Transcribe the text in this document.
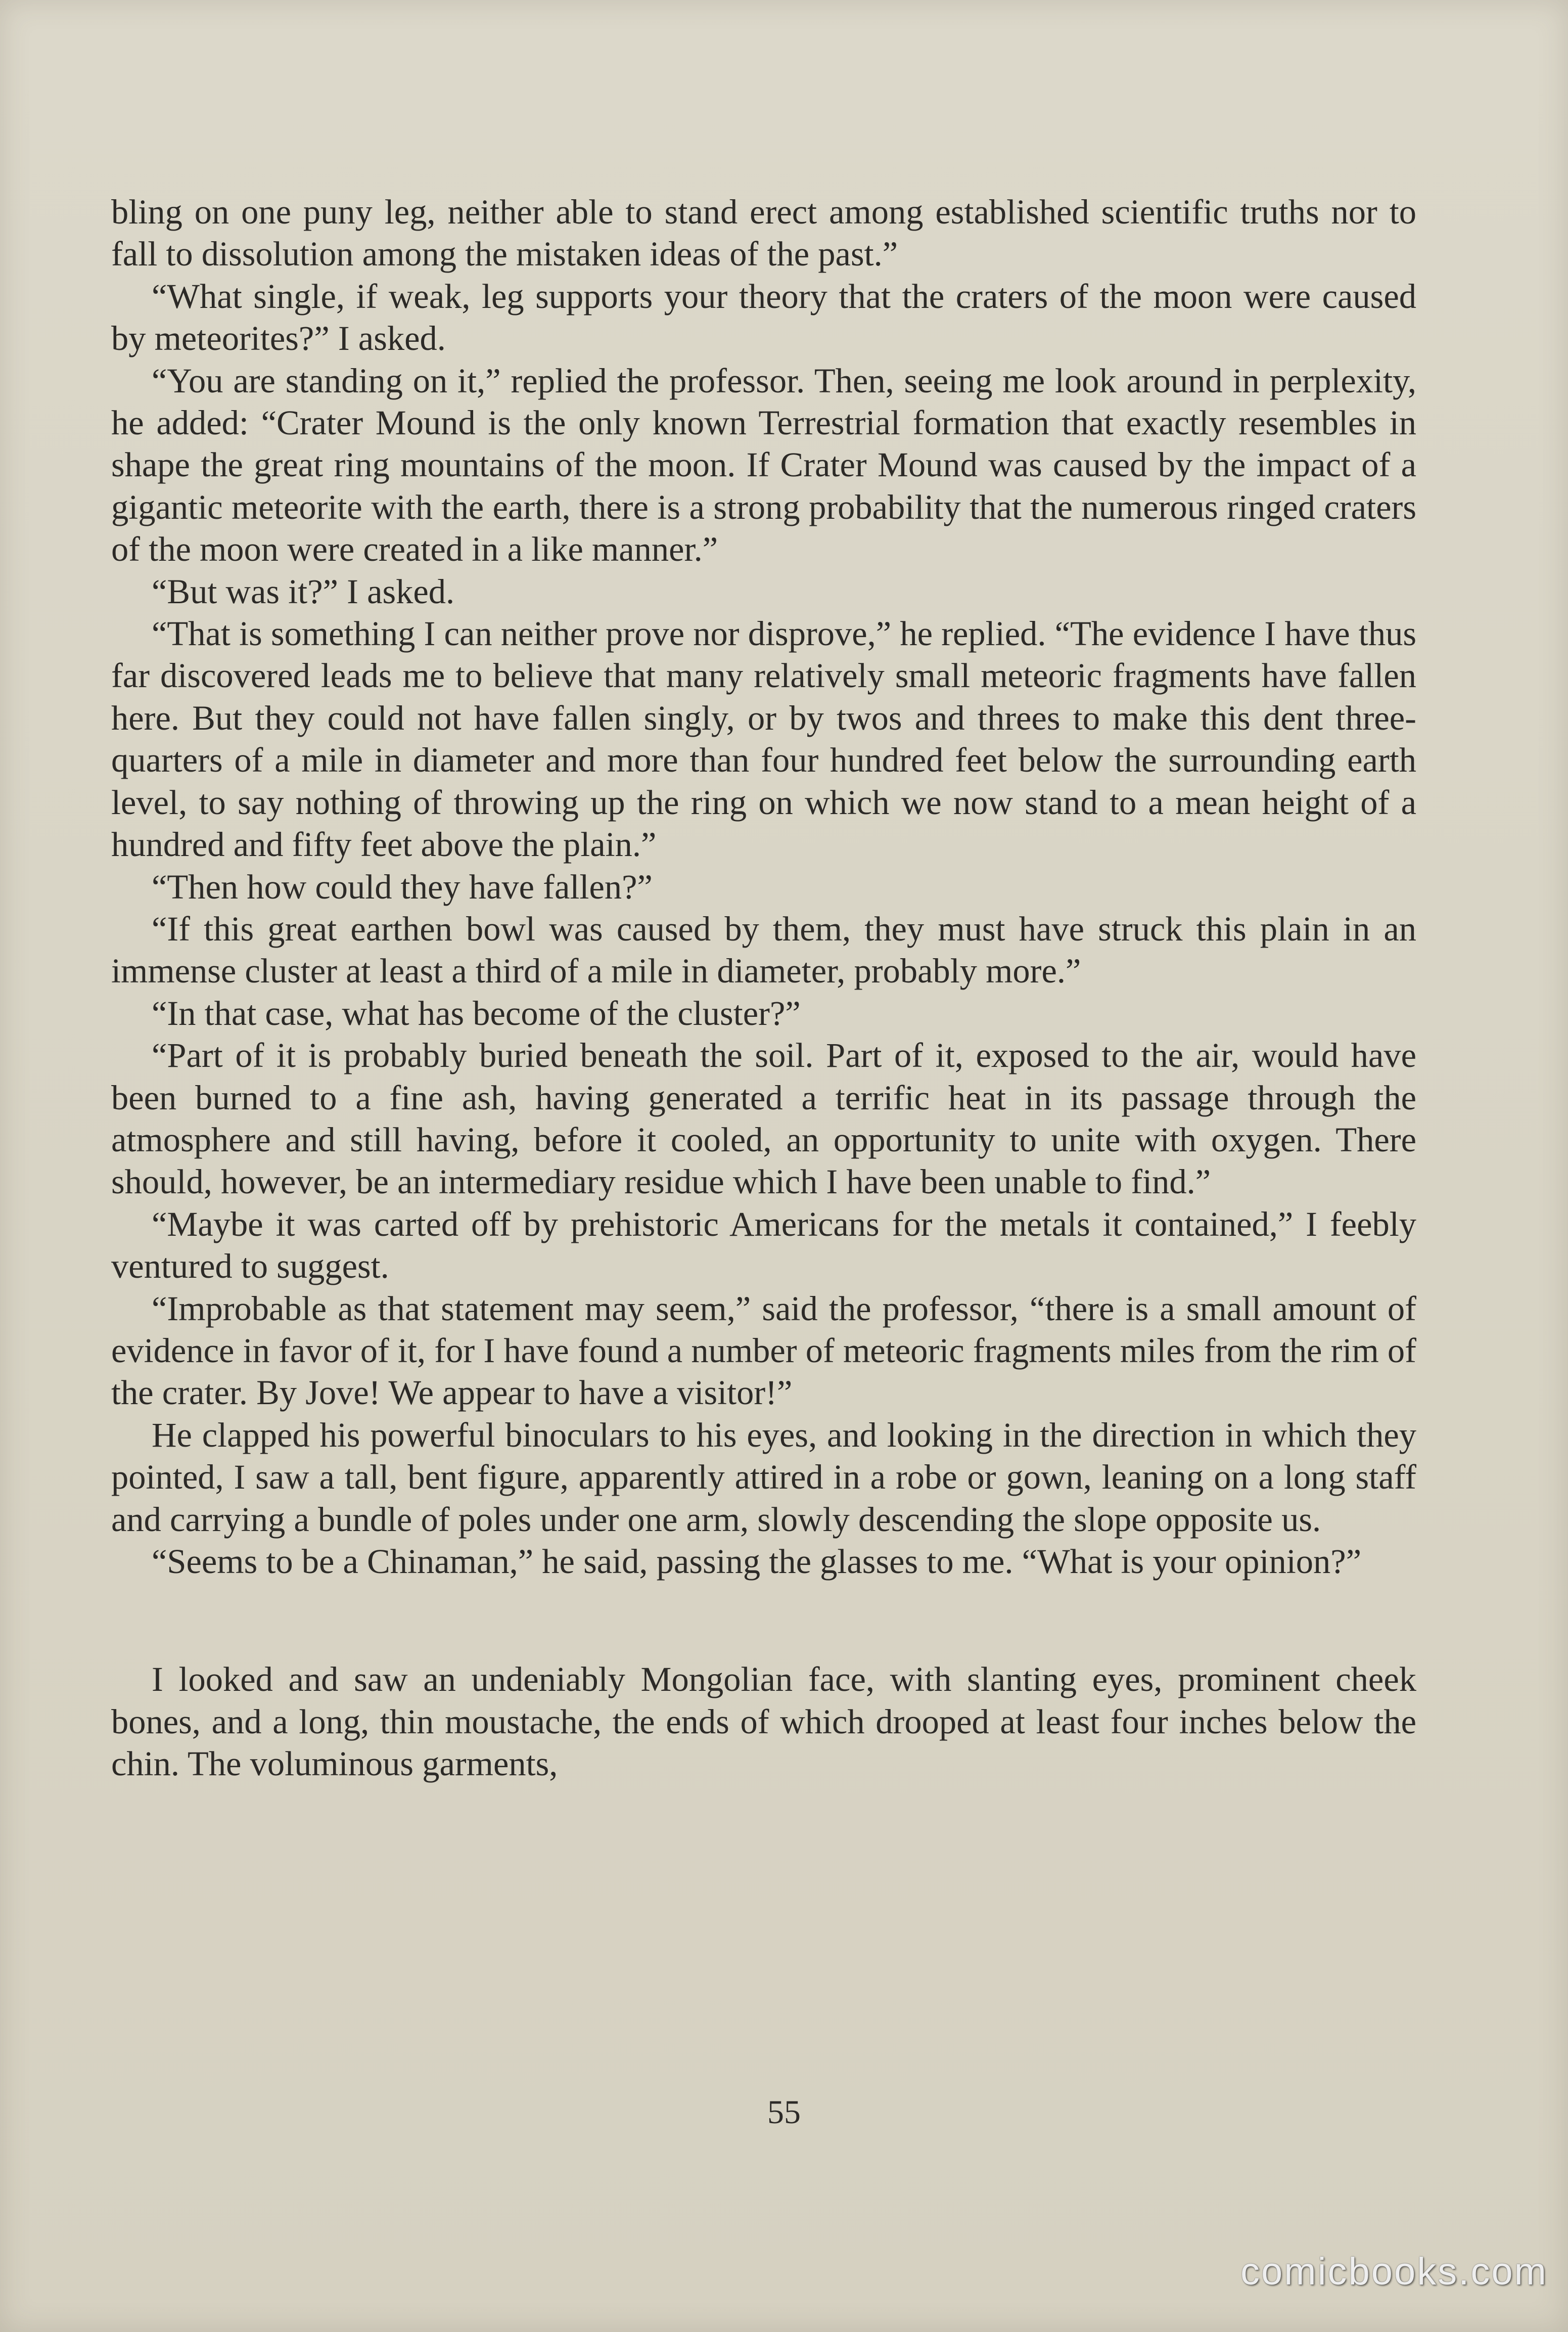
bling on one puny leg, neither able to stand erect among established scientific truths nor to fall to dissolution among the mistaken ideas of the past.”

“What single, if weak, leg supports your theory that the craters of the moon were caused by meteorites?” I asked.

“You are standing on it,” replied the professor. Then, seeing me look around in perplexity, he added: “Crater Mound is the only known Terrestrial formation that exactly resembles in shape the great ring mountains of the moon. If Crater Mound was caused by the impact of a gigantic meteorite with the earth, there is a strong probability that the numerous ringed craters of the moon were created in a like manner.”

“But was it?” I asked.

“That is something I can neither prove nor disprove,” he replied. “The evidence I have thus far discovered leads me to believe that many relatively small meteoric fragments have fallen here. But they could not have fallen singly, or by twos and threes to make this dent three-quarters of a mile in diameter and more than four hundred feet below the surrounding earth level, to say nothing of throwing up the ring on which we now stand to a mean height of a hundred and fifty feet above the plain.”

“Then how could they have fallen?”

“If this great earthen bowl was caused by them, they must have struck this plain in an immense cluster at least a third of a mile in diameter, probably more.”

“In that case, what has become of the cluster?”

“Part of it is probably buried beneath the soil. Part of it, exposed to the air, would have been burned to a fine ash, having generated a terrific heat in its passage through the atmosphere and still having, before it cooled, an opportunity to unite with oxygen. There should, however, be an intermediary residue which I have been unable to find.”

“Maybe it was carted off by prehistoric Americans for the metals it contained,” I feebly ventured to suggest.

“Improbable as that statement may seem,” said the professor, “there is a small amount of evidence in favor of it, for I have found a number of meteoric fragments miles from the rim of the crater. By Jove! We appear to have a visitor!”

He clapped his powerful binoculars to his eyes, and looking in the direction in which they pointed, I saw a tall, bent figure, apparently attired in a robe or gown, leaning on a long staff and carrying a bundle of poles under one arm, slowly descending the slope opposite us.

“Seems to be a Chinaman,” he said, passing the glasses to me. “What is your opinion?”

I looked and saw an undeniably Mongolian face, with slanting eyes, prominent cheek bones, and a long, thin moustache, the ends of which drooped at least four inches below the chin. The voluminous garments,

55
comicbooks.com
